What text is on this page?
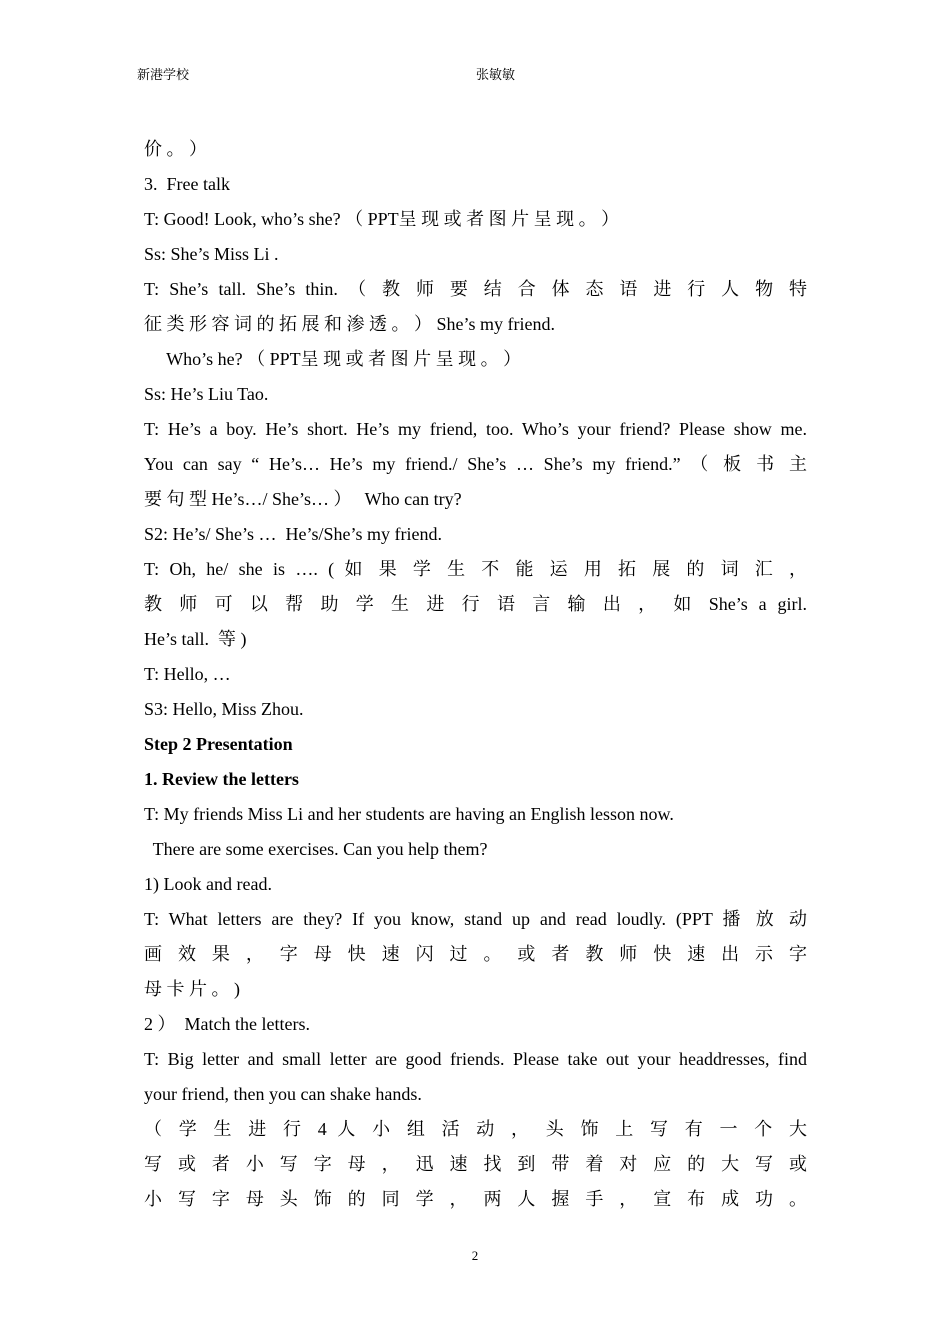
新港学校	张敏敏
价 。 ）
3.  Free talk
T: Good! Look, who’s she? （ PPT呈 现 或 者 图 片 呈 现 。 ）
Ss: She’s Miss Li .
T: She’s tall. She’s thin. （ 教 师 要 结 合 体 态 语 进 行 人 物 特
征 类 形 容 词 的 拓 展 和 渗 透 。 ） She’s my friend.
Who’s he? （ PPT呈 现 或 者 图 片 呈 现 。 ）
Ss: He’s Liu Tao.
T: He’s a boy. He’s short. He’s my friend, too. Who’s your friend? Please show me.
You can say “ He’s… He’s my friend./ She’s … She’s my friend.” （ 板 书 主
要 句 型 He’s…/ She’s… ）   Who can try?
S2: He’s/ She’s …  He’s/She’s my friend.
T: Oh, he/ she is …. ( 如 果 学 生 不 能 运 用 拓 展 的 词 汇 ，
教 师 可 以 帮 助 学 生 进 行 语 言 输 出 ， 如 She’s a girl.
He’s tall.  等 )
T: Hello, …
S3: Hello, Miss Zhou.
Step 2 Presentation
1. Review the letters
T: My friends Miss Li and her students are having an English lesson now.
There are some exercises. Can you help them?
1) Look and read.
T: What letters are they? If you know, stand up and read loudly. (PPT 播 放 动
画 效 果 ， 字 母 快 速 闪 过 。 或 者 教 师 快 速 出 示 字
母 卡 片 。 )
2 ）  Match the letters.
T: Big letter and small letter are good friends. Please take out your headdresses, find
your friend, then you can shake hands.
（ 学 生 进 行 4 人 小 组 活 动 ， 头 饰 上 写 有 一 个 大
写 或 者 小 写 字 母 ， 迅 速 找 到 带 着 对 应 的 大 写 或
小 写 字 母 头 饰 的 同 学 ， 两 人 握 手 ， 宣 布 成 功 。
2
